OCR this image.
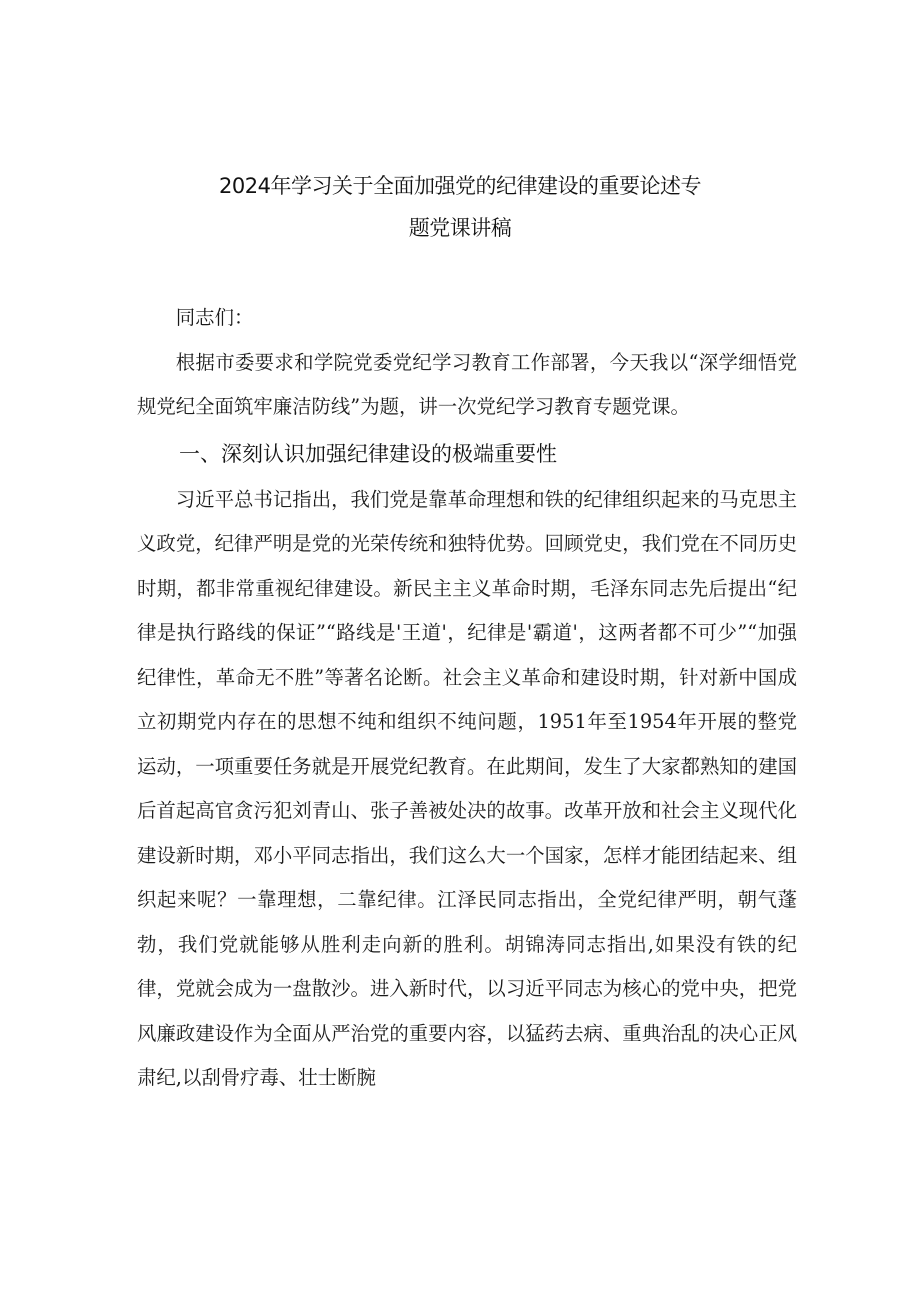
2024年学习关于全面加强党的纪律建设的重要论述专
题党课讲稿

同志们：

根据市委要求和学院党委党纪学习教育工作部署，今天我以“深学细悟党规党纪全面筑牢廉洁防线”为题，讲一次党纪学习教育专题党课。

一、深刻认识加强纪律建设的极端重要性

习近平总书记指出，我们党是靠革命理想和铁的纪律组织起来的马克思主义政党，纪律严明是党的光荣传统和独特优势。回顾党史，我们党在不同历史时期，都非常重视纪律建设。新民主主义革命时期，毛泽东同志先后提出“纪律是执行路线的保证”“路线是'王道'，纪律是'霸道'，这两者都不可少”“加强纪律性，革命无不胜”等著名论断。社会主义革命和建设时期，针对新中国成立初期党内存在的思想不纯和组织不纯问题，1951年至1954年开展的整党运动，一项重要任务就是开展党纪教育。在此期间，发生了大家都熟知的建国后首起高官贪污犯刘青山、张子善被处决的故事。改革开放和社会主义现代化建设新时期，邓小平同志指出，我们这么大一个国家，怎样才能团结起来、组织起来呢？一靠理想，二靠纪律。江泽民同志指出，全党纪律严明，朝气蓬勃，我们党就能够从胜利走向新的胜利。胡锦涛同志指出,如果没有铁的纪律，党就会成为一盘散沙。进入新时代，以习近平同志为核心的党中央，把党风廉政建设作为全面从严治党的重要内容，以猛药去病、重典治乱的决心正风肃纪,以刮骨疗毒、壮士断腕
